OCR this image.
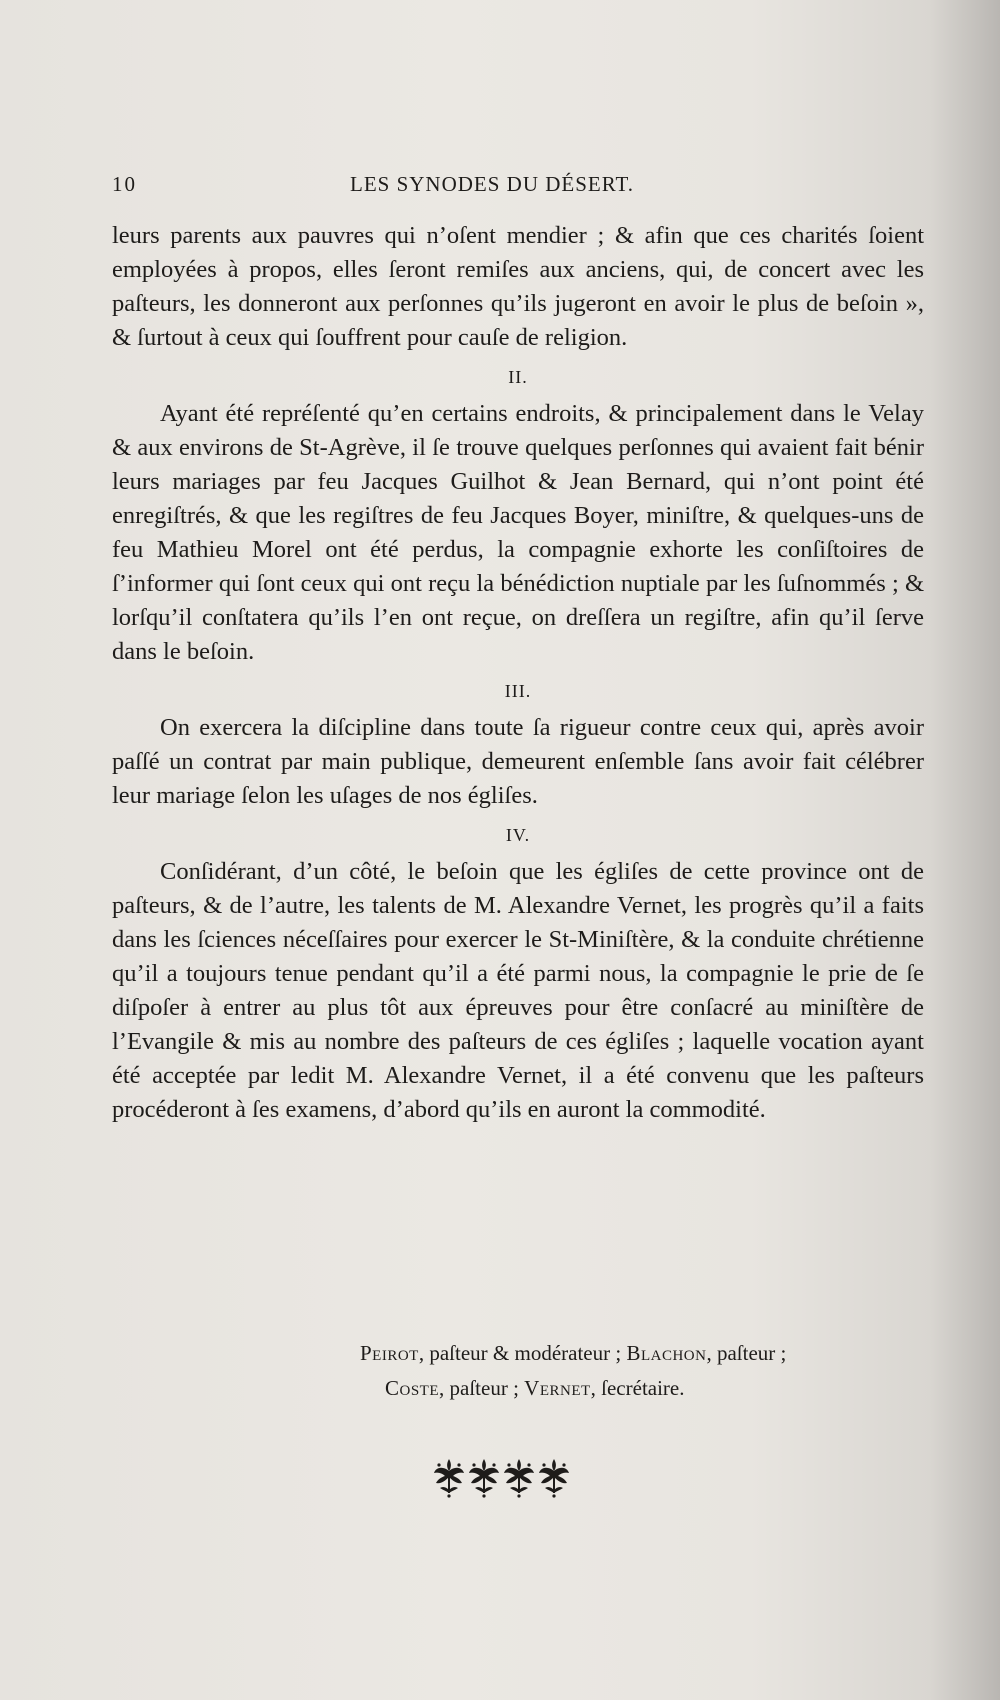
10	LES SYNODES DU DÉSERT.

leurs parents aux pauvres qui n’oſent mendier ; & afin que ces charités ſoient employées à propos, elles ſeront remiſes aux anciens, qui, de concert avec les paſteurs, les donneront aux perſonnes qu’ils jugeront en avoir le plus de beſoin », & ſurtout à ceux qui ſouffrent pour cauſe de religion.

II.

Ayant été repréſenté qu’en certains endroits, & principalement dans le Velay & aux environs de St-Agrève, il ſe trouve quelques perſonnes qui avaient fait bénir leurs mariages par feu Jacques Guilhot & Jean Bernard, qui n’ont point été enregiſtrés, & que les regiſtres de feu Jacques Boyer, miniſtre, & quelques-uns de feu Mathieu Morel ont été perdus, la compagnie exhorte les conſiſtoires de ſ’informer qui ſont ceux qui ont reçu la bénédiction nuptiale par les ſuſnommés ; & lorſqu’il conſtatera qu’ils l’en ont reçue, on dreſſera un regiſtre, afin qu’il ſerve dans le beſoin.

III.

On exercera la diſcipline dans toute ſa rigueur contre ceux qui, après avoir paſſé un contrat par main publique, demeurent enſemble ſans avoir fait célébrer leur mariage ſelon les uſages de nos égliſes.

IV.

Conſidérant, d’un côté, le beſoin que les égliſes de cette province ont de paſteurs, & de l’autre, les talents de M. Alexandre Vernet, les progrès qu’il a faits dans les ſciences néceſſaires pour exercer le St-Miniſtère, & la conduite chrétienne qu’il a toujours tenue pendant qu’il a été parmi nous, la compagnie le prie de ſe diſpoſer à entrer au plus tôt aux épreuves pour être conſacré au miniſtère de l’Evangile & mis au nombre des paſteurs de ces égliſes ; laquelle vocation ayant été acceptée par ledit M. Alexandre Vernet, il a été convenu que les paſteurs procéderont à ſes examens, d’abord qu’ils en auront la commodité.

Peirot, paſteur & modérateur ; Blachon, paſteur ;
Coste, paſteur ; Vernet, ſecrétaire.
